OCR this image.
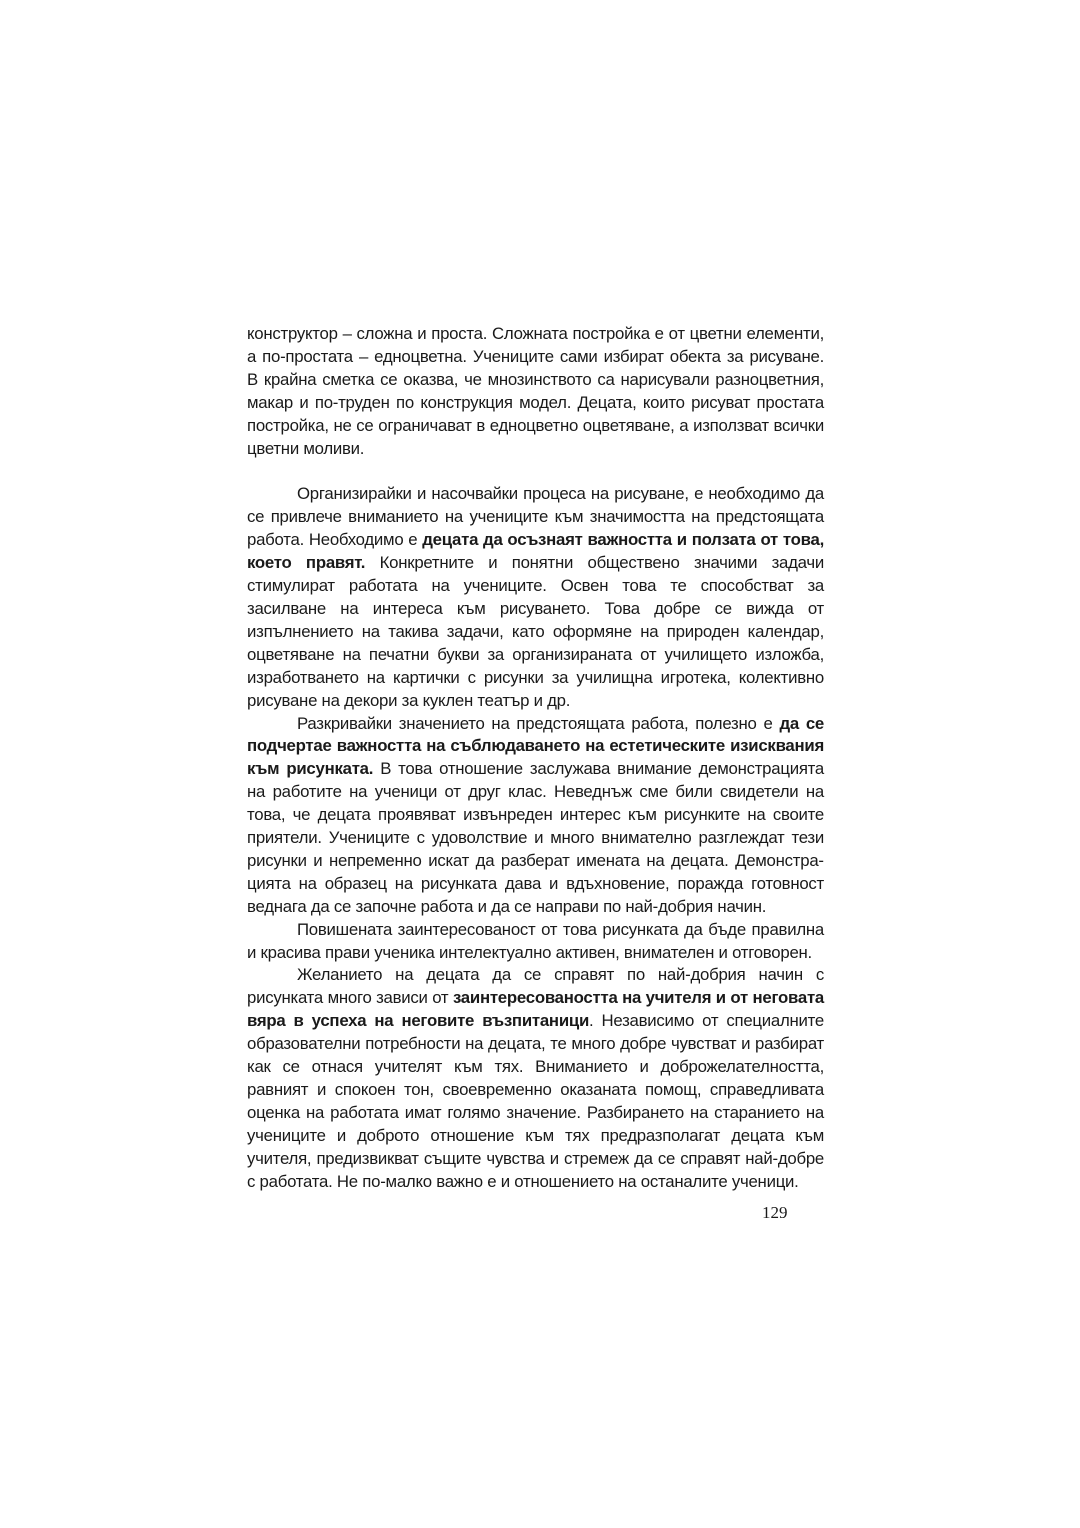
конструктор – сложна и проста. Сложната постройка е от цветни елементи, а по-простата – едноцветна. Учениците сами избират обекта за рисуване. В крайна сметка се оказва, че мнозинството са нарисували разноцветния, макар и по-труден по конструкция модел. Децата, които рисуват простата постройка, не се ограничават в едноцветно оцветяване, а използват всички цветни моливи.

Организирайки и насочвайки процеса на рисуване, е необходимо да се привлече вниманието на учениците към значимостта на предстоящата работа. Необходимо е децата да осъзнаят важността и ползата от това, което правят. Конкретните и понятни обществено значими задачи стимулират работата на учениците. Освен това те способстват за засилване на интереса към рисуването. Това добре се вижда от изпълнението на такива задачи, като оформяне на природен календар, оцветяване на печатни букви за организираната от училището изложба, изработването на картички с рисунки за училищна игротека, колективно рисуване на декори за куклен театър и др.

Разкривайки значението на предстоящата работа, полезно е да се подчертае важността на съблюдаването на естетическите изисквания към рисунката. В това отношение заслужава внимание демонстрацията на работите на ученици от друг клас. Неведнъж сме били свидетели на това, че децата проявяват извънреден интерес към рисунките на своите приятели. Учениците с удоволствие и много внимателно разглеждат тези рисунки и непременно искат да разберат имената на децата. Демонстрацията на образец на рисунката дава и вдъхновение, поражда готовност веднага да се започне работа и да се направи по най-добрия начин.

Повишената заинтересованост от това рисунката да бъде правилна и красива прави ученика интелектуално активен, внимателен и отговорен.

Желанието на децата да се справят по най-добрия начин с рисунката много зависи от заинтересоваността на учителя и от неговата вяра в успеха на неговите възпитаници. Независимо от специалните образователни потребности на децата, те много добре чувстват и разбират как се отнася учителят към тях. Вниманието и доброжелателността, равният и спокоен тон, своевременно оказаната помощ, справедливата оценка на работата имат голямо значение. Разбирането на старанието на учениците и доброто отношение към тях предразполагат децата към учителя, предизвикват същите чувства и стремеж да се справят най-добре с работата. Не по-малко важно е и отношението на останалите ученици.

129
